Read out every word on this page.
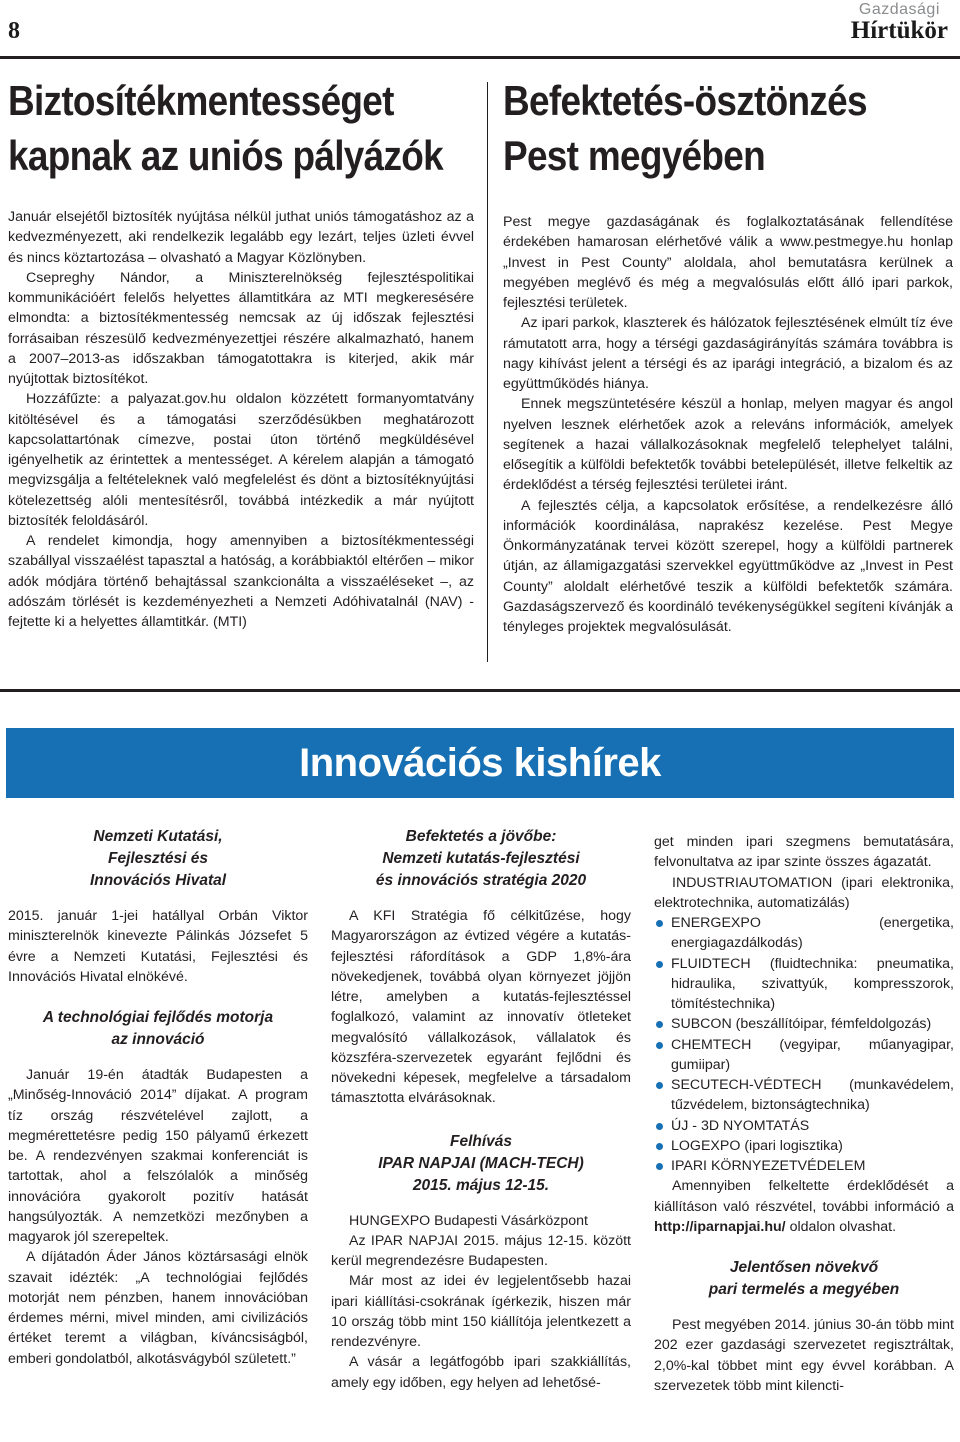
8
Gazdasági
Hírtükör
Biztosítékmentességet
kapnak az uniós pályázók

Január elsejétől biztosíték nyújtása nélkül juthat uniós támogatáshoz az a kedvezményezett, aki rendelkezik legalább egy lezárt, teljes üzleti évvel és nincs köztartozása – olvasható a Magyar Közlönyben.

Csepreghy Nándor, a Miniszterelnökség fejlesztéspolitikai kommunikációért felelős helyettes államtitkára az MTI megkeresésére elmondta: a biztosítékmentesség nemcsak az új időszak fejlesztési forrásaiban részesülő kedvezményezettjei részére alkalmazható, hanem a 2007–2013-as időszakban támogatottakra is kiterjed, akik már nyújtottak biztosítékot.

Hozzáfűzte: a palyazat.gov.hu oldalon közzétett formanyomtatvány kitöltésével és a támogatási szerződésükben meghatározott kapcsolattartónak címezve, postai úton történő megküldésével igényelhetik az érintettek a mentességet. A kérelem alapján a támogató megvizsgálja a feltételeknek való megfelelést és dönt a biztosítéknyújtási kötelezettség alóli mentesítésről, továbbá intézkedik a már nyújtott biztosíték feloldásáról.

A rendelet kimondja, hogy amennyiben a biztosítékmentességi szabállyal visszaélést tapasztal a hatóság, a korábbiaktól eltérően – mikor adók módjára történő behajtással szankcionálta a visszaéléseket –, az adószám törlését is kezdeményezheti a Nemzeti Adóhivatalnál (NAV) - fejtette ki a helyettes államtitkár. (MTI)

Befektetés-ösztönzés
Pest megyében

Pest megye gazdaságának és foglalkoztatásának fellendítése érdekében hamarosan elérhetővé válik a www.pestmegye.hu honlap „Invest in Pest County” aloldala, ahol bemutatásra kerülnek a megyében meglévő és még a megvalósulás előtt álló ipari parkok, fejlesztési területek.

Az ipari parkok, klaszterek és hálózatok fejlesztésének elmúlt tíz éve rámutatott arra, hogy a térségi gazdaságirányítás számára továbbra is nagy kihívást jelent a térségi és az iparági integráció, a bizalom és az együttműködés hiánya.

Ennek megszüntetésére készül a honlap, melyen magyar és angol nyelven lesznek elérhetőek azok a releváns információk, amelyek segítenek a hazai vállalkozásoknak megfelelő telephelyet találni, elősegítik a külföldi befektetők további betelepülését, illetve felkeltik az érdeklődést a térség fejlesztési területei iránt.

A fejlesztés célja, a kapcsolatok erősítése, a rendelkezésre álló információk koordinálása, naprakész kezelése. Pest Megye Önkormányzatának tervei között szerepel, hogy a külföldi partnerek útján, az államigazgatási szervekkel együttműködve az „Invest in Pest County” aloldalt elérhetővé teszik a külföldi befektetők számára. Gazdaságszervező és koordináló tevékenységükkel segíteni kívánják a tényleges projektek megvalósulását.

Innovációs kishírek
Nemzeti Kutatási,
Fejlesztési és
Innovációs Hivatal

2015. január 1-jei hatállyal Orbán Viktor miniszterelnök kinevezte Pálinkás Józsefet 5 évre a Nemzeti Kutatási, Fejlesztési és Innovációs Hivatal elnökévé.

A technológiai fejlődés motorja
az innováció

Január 19-én átadták Budapesten a „Minőség-Innováció 2014” díjakat. A program tíz ország részvételével zajlott, a megmérettetésre pedig 150 pályamű érkezett be. A rendezvényen szakmai konferenciát is tartottak, ahol a felszólalók a minőség innovációra gyakorolt pozitív hatását hangsúlyozták. A nemzetközi mezőnyben a magyarok jól szerepeltek.

A díjátadón Áder János köztársasági elnök szavait idézték: „A technológiai fejlődés motorját nem pénzben, hanem innovációban érdemes mérni, mivel minden, ami civilizációs értéket teremt a világban, kíváncsiságból, emberi gondolatból, alkotásvágyból született.”

Befektetés a jövőbe:
Nemzeti kutatás-fejlesztési
és innovációs stratégia 2020

A KFI Stratégia fő célkitűzése, hogy Magyarországon az évtized végére a kutatás-fejlesztési ráfordítások a GDP 1,8%-ára növekedjenek, továbbá olyan környezet jöjjön létre, amelyben a kutatás-fejlesztéssel foglalkozó, valamint az innovatív ötleteket megvalósító vállalkozások, vállalatok és közszféra-szervezetek egyaránt fejlődni és növekedni képesek, megfelelve a társadalom támasztotta elvárásoknak.

Felhívás
IPAR NAPJAI (MACH-TECH)
2015. május 12-15.

HUNGEXPO Budapesti Vásárközpont

Az IPAR NAPJAI 2015. május 12-15. között kerül megrendezésre Budapesten.

Már most az idei év legjelentősebb hazai ipari kiállítási-csokrának ígérkezik, hiszen már 10 ország több mint 150 kiállítója jelentkezett a rendezvényre.

A vásár a legátfogóbb ipari szakkiállítás, amely egy időben, egy helyen ad lehetősé-

get minden ipari szegmens bemutatására, felvonultatva az ipar szinte összes ágazatát.

INDUSTRIAUTOMATION (ipari elektronika, elektrotechnika, automatizálás)

ENERGEXPO (energetika, energiagazdálkodás)
FLUIDTECH (fluidtechnika: pneumatika, hidraulika, szivattyúk, kompresszorok, tömítéstechnika)
SUBCON (beszállítóipar, fémfeldolgozás)
CHEMTECH (vegyipar, műanyagipar, gumiipar)
SECUTECH-VÉDTECH (munkavédelem, tűzvédelem, biztonságtechnika)
ÚJ - 3D NYOMTATÁS
LOGEXPO (ipari logisztika)
IPARI KÖRNYEZETVÉDELEM

Amennyiben felkeltette érdeklődését a kiállításon való részvétel, további információ a http://iparnapjai.hu/ oldalon olvashat.

Jelentősen növekvő
pari termelés a megyében

Pest megyében 2014. június 30-án több mint 202 ezer gazdasági szervezetet regisztráltak, 2,0%-kal többet mint egy évvel korábban. A szervezetek több mint kilencti-
